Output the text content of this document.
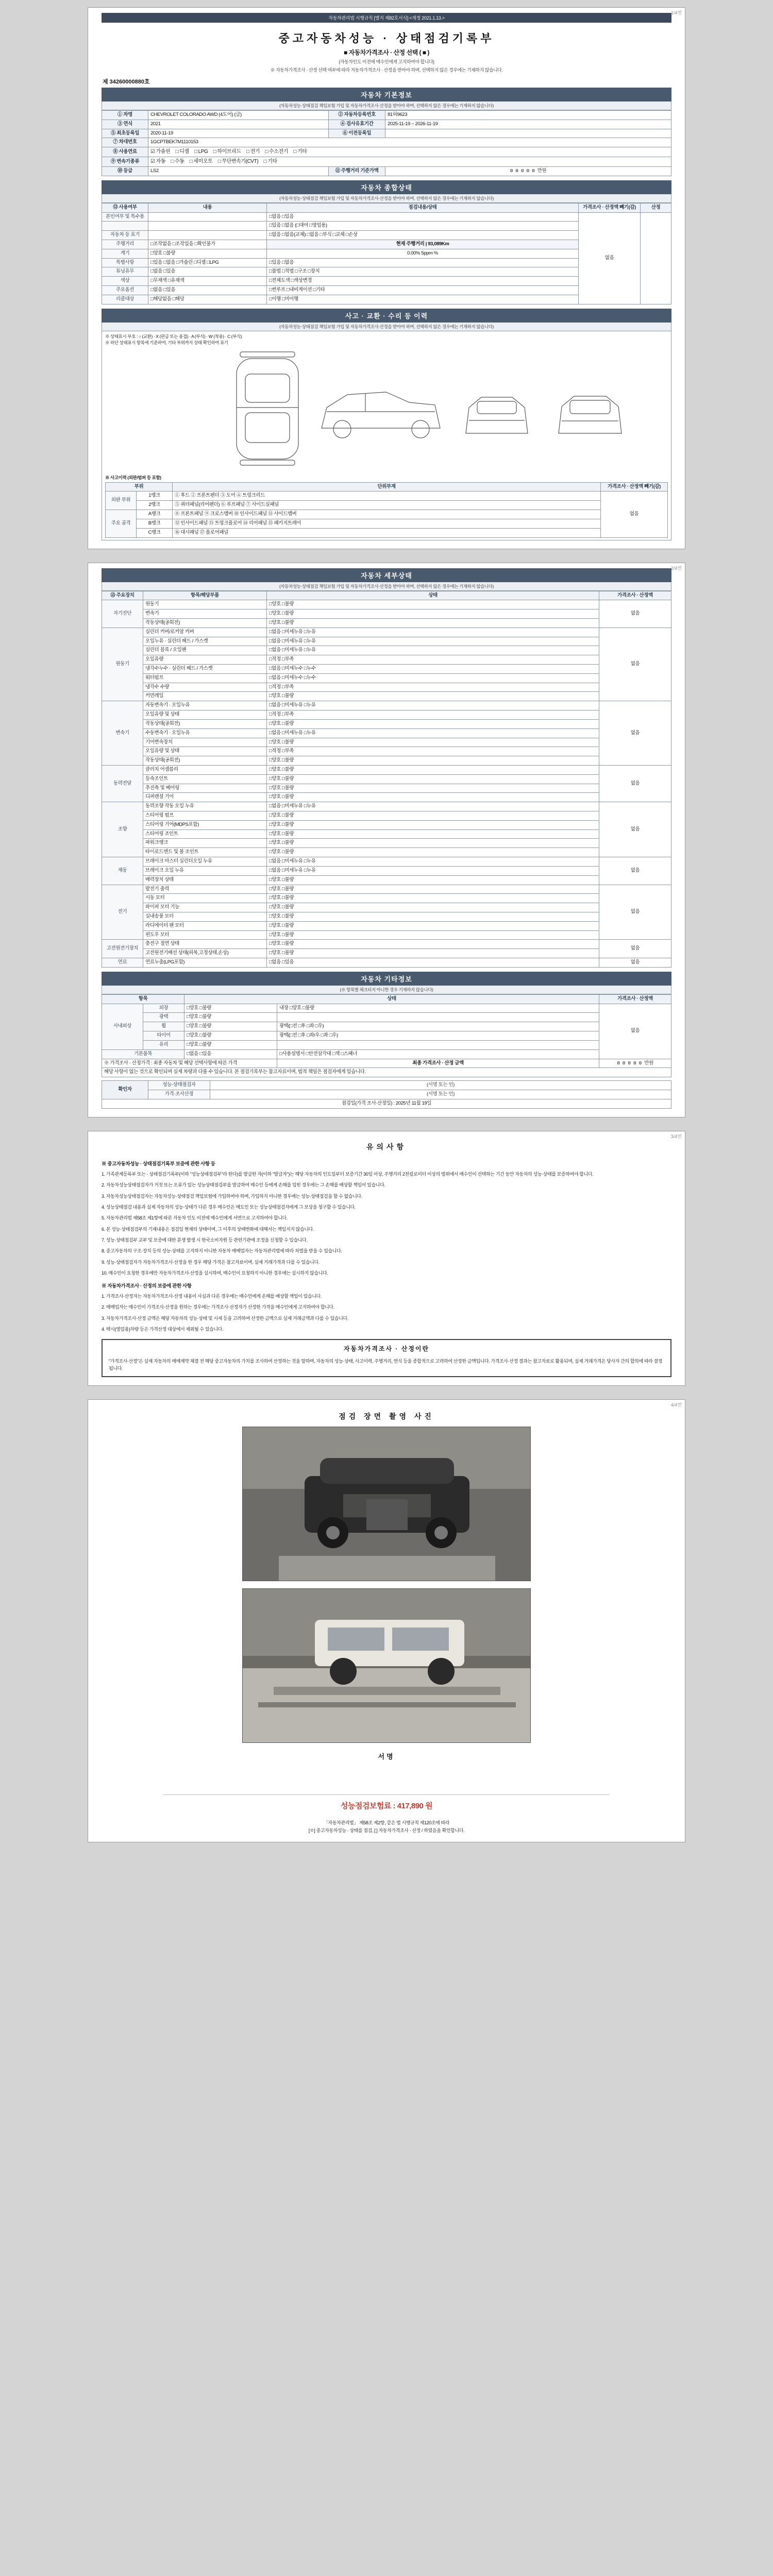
1/4면
자동차관리법 시행규칙 [별지 제82호서식] <개정 2021.1.13.>
중고자동차성능 · 상태점검기록부
■ 자동차가격조사 · 산정 선택 ( ■ )
(자동차인도 이전에 매수인에게 고지하여야 합니다)
※ 자동차가격조사 · 산정 선택 여부에 따라 자동차가격조사 · 산정을 받아야 하며, 선택하지 않은 경우에는 기재하지 않습니다.
제 34260000880호
자동차 기본정보
(자동차성능·상태점검 책임보험 가입 및 자동차가격조사·산정을 받아야 하며, 선택하지 않은 경우에는 기재하지 않습니다)
① 차명	CHEVROLET COLORADO AWD (4도어) (급)	② 자동차등록번호	81허9623
③ 연식	2021	④ 검사유효기간	2025-11-19 ~ 2026-11-19
⑤ 최초등록일	2020-11-19	⑥ 이전등록일	
⑦ 차대번호	1GCPTBEK7M1110153		
⑧ 사용연료	☑ 가솔린 □ 디젤 □ LPG □ 하이브리드 □ 전기 □ 수소전기 □ 기타
⑨ 변속기종류	☑ 자동 □ 수동 □ 세미오토 □ 무단변속기(CVT) □ 기타
⑩ 등급	LS2	⑪ 주행거리 기준가액	0 0 0 0 0 만원
자동차 종합상태
(자동차성능·상태점검 책임보험 가입 및 자동차가격조사·산정을 받아야 하며, 선택하지 않은 경우에는 기재하지 않습니다)
⑫ 사용여부	내용	점검내용/상태	가격조사 · 산정액 빼기(감)	산정
본인여부 및 특수용		□없음 □있음	없음	
		□있음 □없음 (□대여 □영업용)		
자동차 등 표기		□없음 □없음(교체) □없음 □부식 □교체 □손상		
주행거리	□조작없음 □조작있음 □확인불가	현재 주행거리 | 93,089Km		
계기	□양호 □불량	0.00% 5ppm %		
특별사항	□있음 □없음 □가솔린 □디젤 □LPG	□있음 □없음		
튜닝유무	□없음 □있음	□불법 □적법 □구조 □장치		
색상	□무채색 □유채색	□전체도색 □색상변경		
주요옵션	□없음 □있음	□썬루프 □내비게이션 □기타		
리콜대상	□해당없음 □해당	□이행 □미이행		
사고 · 교환 · 수리 등 이력
(자동차성능·상태점검 책임보험 가입 및 자동차가격조사·산정을 받아야 하며, 선택하지 않은 경우에는 기재하지 않습니다)
※ 상태표시 부호 : ○ (교환) · X (판금 또는 용접) · A (부식) · W (착용) · C (부식)
※ 하단 상태표시 항목에 기준하여, 기타 부위까지 상태 확인하여 표기
※ 사고이력 (외판/범퍼 등 포함)
부위		단위부재	가격조사 · 산정액 빼기(감)
외판 부위	1랭크	① 후드 ② 프론트펜더 ③ 도어 ④ 트렁크리드	없음
	2랭크	⑤ 쿼터패널(리어펜더) ⑥ 루프패널 ⑦ 사이드실패널	
주요 골격	A랭크	⑧ 프론트패널 ⑨ 크로스멤버 ⑩ 인사이드패널 ⑪ 사이드멤버	
	B랭크	⑫ 인사이드패널 ⑬ 트렁크플로어 ⑭ 리어패널 ⑮ 패키지트레이	
	C랭크	⑯ 대시패널 ⑰ 플로어패널	
2/4면
자동차 세부상태
(자동차성능·상태점검 책임보험 가입 및 자동차가격조사·산정을 받아야 하며, 선택하지 않은 경우에는 기재하지 않습니다)
⑬ 주요장치	항목/해당부품	상태	가격조사 · 산정액
자기진단	원동기	□양호 □불량	없음
	변속기	□양호 □불량	
	작동상태(공회전)	□양호 □불량	
원동기	실린더 커버/로커암 커버	□없음 □미세누유 □누유	없음
	오일누유 · 실린더 헤드 / 가스켓	□없음 □미세누유 □누유	
	실린더 블록 / 오일팬	□없음 □미세누유 □누유	
	오일유량	□적정 □부족	
	냉각수누수 · 실린더 헤드 / 가스켓	□없음 □미세누수 □누수	
	워터펌프	□없음 □미세누수 □누수	
	냉각수 수량	□적정 □부족	
	커먼레일	□양호 □불량	
변속기	자동변속기 · 오일누유	□없음 □미세누유 □누유	없음
	오일유량 및 상태	□적정 □부족	
	작동상태(공회전)	□양호 □불량	
	수동변속기 · 오일누유	□없음 □미세누유 □누유	
	기어변속장치	□양호 □불량	
	오일유량 및 상태	□적정 □부족	
	작동상태(공회전)	□양호 □불량	
동력전달	클러치 어셈블리	□양호 □불량	없음
	등속조인트	□양호 □불량	
	추진축 및 베어링	□양호 □불량	
	디퍼렌셜 기어	□양호 □불량	
조향	동력조향 작동 오일 누유	□없음 □미세누유 □누유	없음
	스티어링 펌프	□양호 □불량	
	스티어링 기어(MDPS포함)	□양호 □불량	
	스티어링 조인트	□양호 □불량	
	파워크랭크	□양호 □불량	
	타이로드엔드 및 볼 조인트	□양호 □불량	
제동	브레이크 마스터 실린더오일 누유	□없음 □미세누유 □누유	없음
	브레이크 오일 누유	□없음 □미세누유 □누유	
	배력장치 상태	□양호 □불량	
전기	발전기 출력	□양호 □불량	없음
	시동 모터	□양호 □불량	
	와이퍼 모터 기능	□양호 □불량	
	실내송풍 모터	□양호 □불량	
	라디에이터 팬 모터	□양호 □불량	
	윈도우 모터	□양호 □불량	
고전원전기장치	충전구 절연 상태	□양호 □불량	없음
	고전원전기배선 상태(피복,고정상태,손상)	□양호 □불량	
연료	연료누출(LPG포함)	□없음 □있음	없음
자동차 기타정보
(※ 항목별 체크되지 아니한 경우 기재하지 않습니다)
항목		상태		가격조사 · 산정액
사내외상	외장	□양호 □불량	내장 □양호 □불량	없음
	광택	□양호 □불량		
	휠	□양호 □불량	광택(□전 □후 □좌 □우)	
	타이어	□양호 □불량	광택(□전 □후 □좌/우 □좌 □우)	
	유리	□양호 □불량		
기본품목		□없음 □있음	□사용설명서 □안전삼각대 □잭 □스패너	
※ 가격조사 · 산정가격 : 최종 자동차 및 해당 선택사항에 따른 가격			최종 가격조사 · 산정 금액	0 0 0 0 0 만원
해당 사항이 없는 것으로 확인되며 실제 차량과 다를 수 있습니다. 본 점검기록부는 참고자료이며, 법적 책임은 점검자에게 있습니다.				
확인자	성능·상태점검자	(서명 또는 인)
	가격·조사산정	(서명 또는 인)
점검일(가격 조사·산정일) : 2025년 11월 19일		
3/4면
유의사항
※ 중고자동차성능 · 상태점검기록부 보증에 관한 사항 등

1. 가족관계등록부 또는 · 상태점검기록부(이하 "성능상태점검부"라 한다)를 발급한 자(이하 "발급자")는 해당 자동차의 인도일부터 보증기간 30일 이상, 주행거리 2천킬로미터 이상의 범위에서 매수인이 선택하는 기간 동안 자동차의 성능·상태를 보증하여야 합니다.

2. 자동차성능상태점검자가 거짓 또는 오류가 있는 성능상태점검부를 발급하여 매수인 등에게 손해를 입힌 경우에는 그 손해를 배상할 책임이 있습니다.

3. 자동차성능상태점검자는 자동차성능·상태점검 책임보험에 가입하여야 하며, 가입하지 아니한 경우에는 성능·상태점검을 할 수 없습니다.

4. 성능상태점검 내용과 실제 자동차의 성능·상태가 다른 경우 매수인은 매도인 또는 성능상태점검자에게 그 보상을 청구할 수 있습니다.

5. 자동차관리법 제58조 제1항에 따른 자동차 인도 이전에 매수인에게 서면으로 고지하여야 합니다.

6. 본 성능·상태점검부의 기재내용은 점검일 현재의 상태이며, 그 이후의 상태변화에 대해서는 책임지지 않습니다.

7. 성능·상태점검부 교부 및 보증에 대한 분쟁 발생 시 한국소비자원 등 관련기관에 조정을 신청할 수 있습니다.

8. 중고자동차의 구조·장치 등의 성능·상태를 고지하지 아니한 자동차 매매업자는 자동차관리법에 따라 처벌을 받을 수 있습니다.

9. 성능·상태점검자가 자동차가격조사·산정을 한 경우 해당 가격은 참고자료이며, 실제 거래가격과 다를 수 있습니다.

10. 매수인이 요청한 경우에만 자동차가격조사·산정을 실시하며, 매수인이 요청하지 아니한 경우에는 실시하지 않습니다.

※ 자동차가격조사 · 산정의 보증에 관한 사항

1. 가격조사·산정자는 자동차가격조사·산정 내용이 사실과 다른 경우에는 매수인에게 손해를 배상할 책임이 있습니다.

2. 매매업자는 매수인이 가격조사·산정을 원하는 경우에는 가격조사·산정자가 산정한 가격을 매수인에게 고지하여야 합니다.

3. 자동차가격조사·산정 금액은 해당 자동차의 성능·상태 및 시세 등을 고려하여 산정한 금액으로 실제 거래금액과 다를 수 있습니다.

4. 택시(영업용)차량 등은 가격산정 대상에서 제외될 수 있습니다.

자동차가격조사 · 산정이란
"가격조사·산정"은 실제 자동차의 매매계약 체결 전 해당 중고자동차의 가치를 조사하여 산정하는 것을 말하며, 자동차의 성능·상태, 사고이력, 주행거리, 연식 등을 종합적으로 고려하여 산정한 금액입니다. 가격조사·산정 결과는 참고자료로 활용되며, 실제 거래가격은 당사자 간의 합의에 따라 결정됩니다.
4/4면
점검 장면 촬영 사진
서명
성능점검보험료 : 417,890 원
「자동차관리법」 제58조 제2항, 같은 법 시행규칙 제120조에 따라
[ㅇ] 중고자동차성능 · 상태를 점검, [ ] 자동차가격조사 · 산정 / 하였음을 확인합니다.
